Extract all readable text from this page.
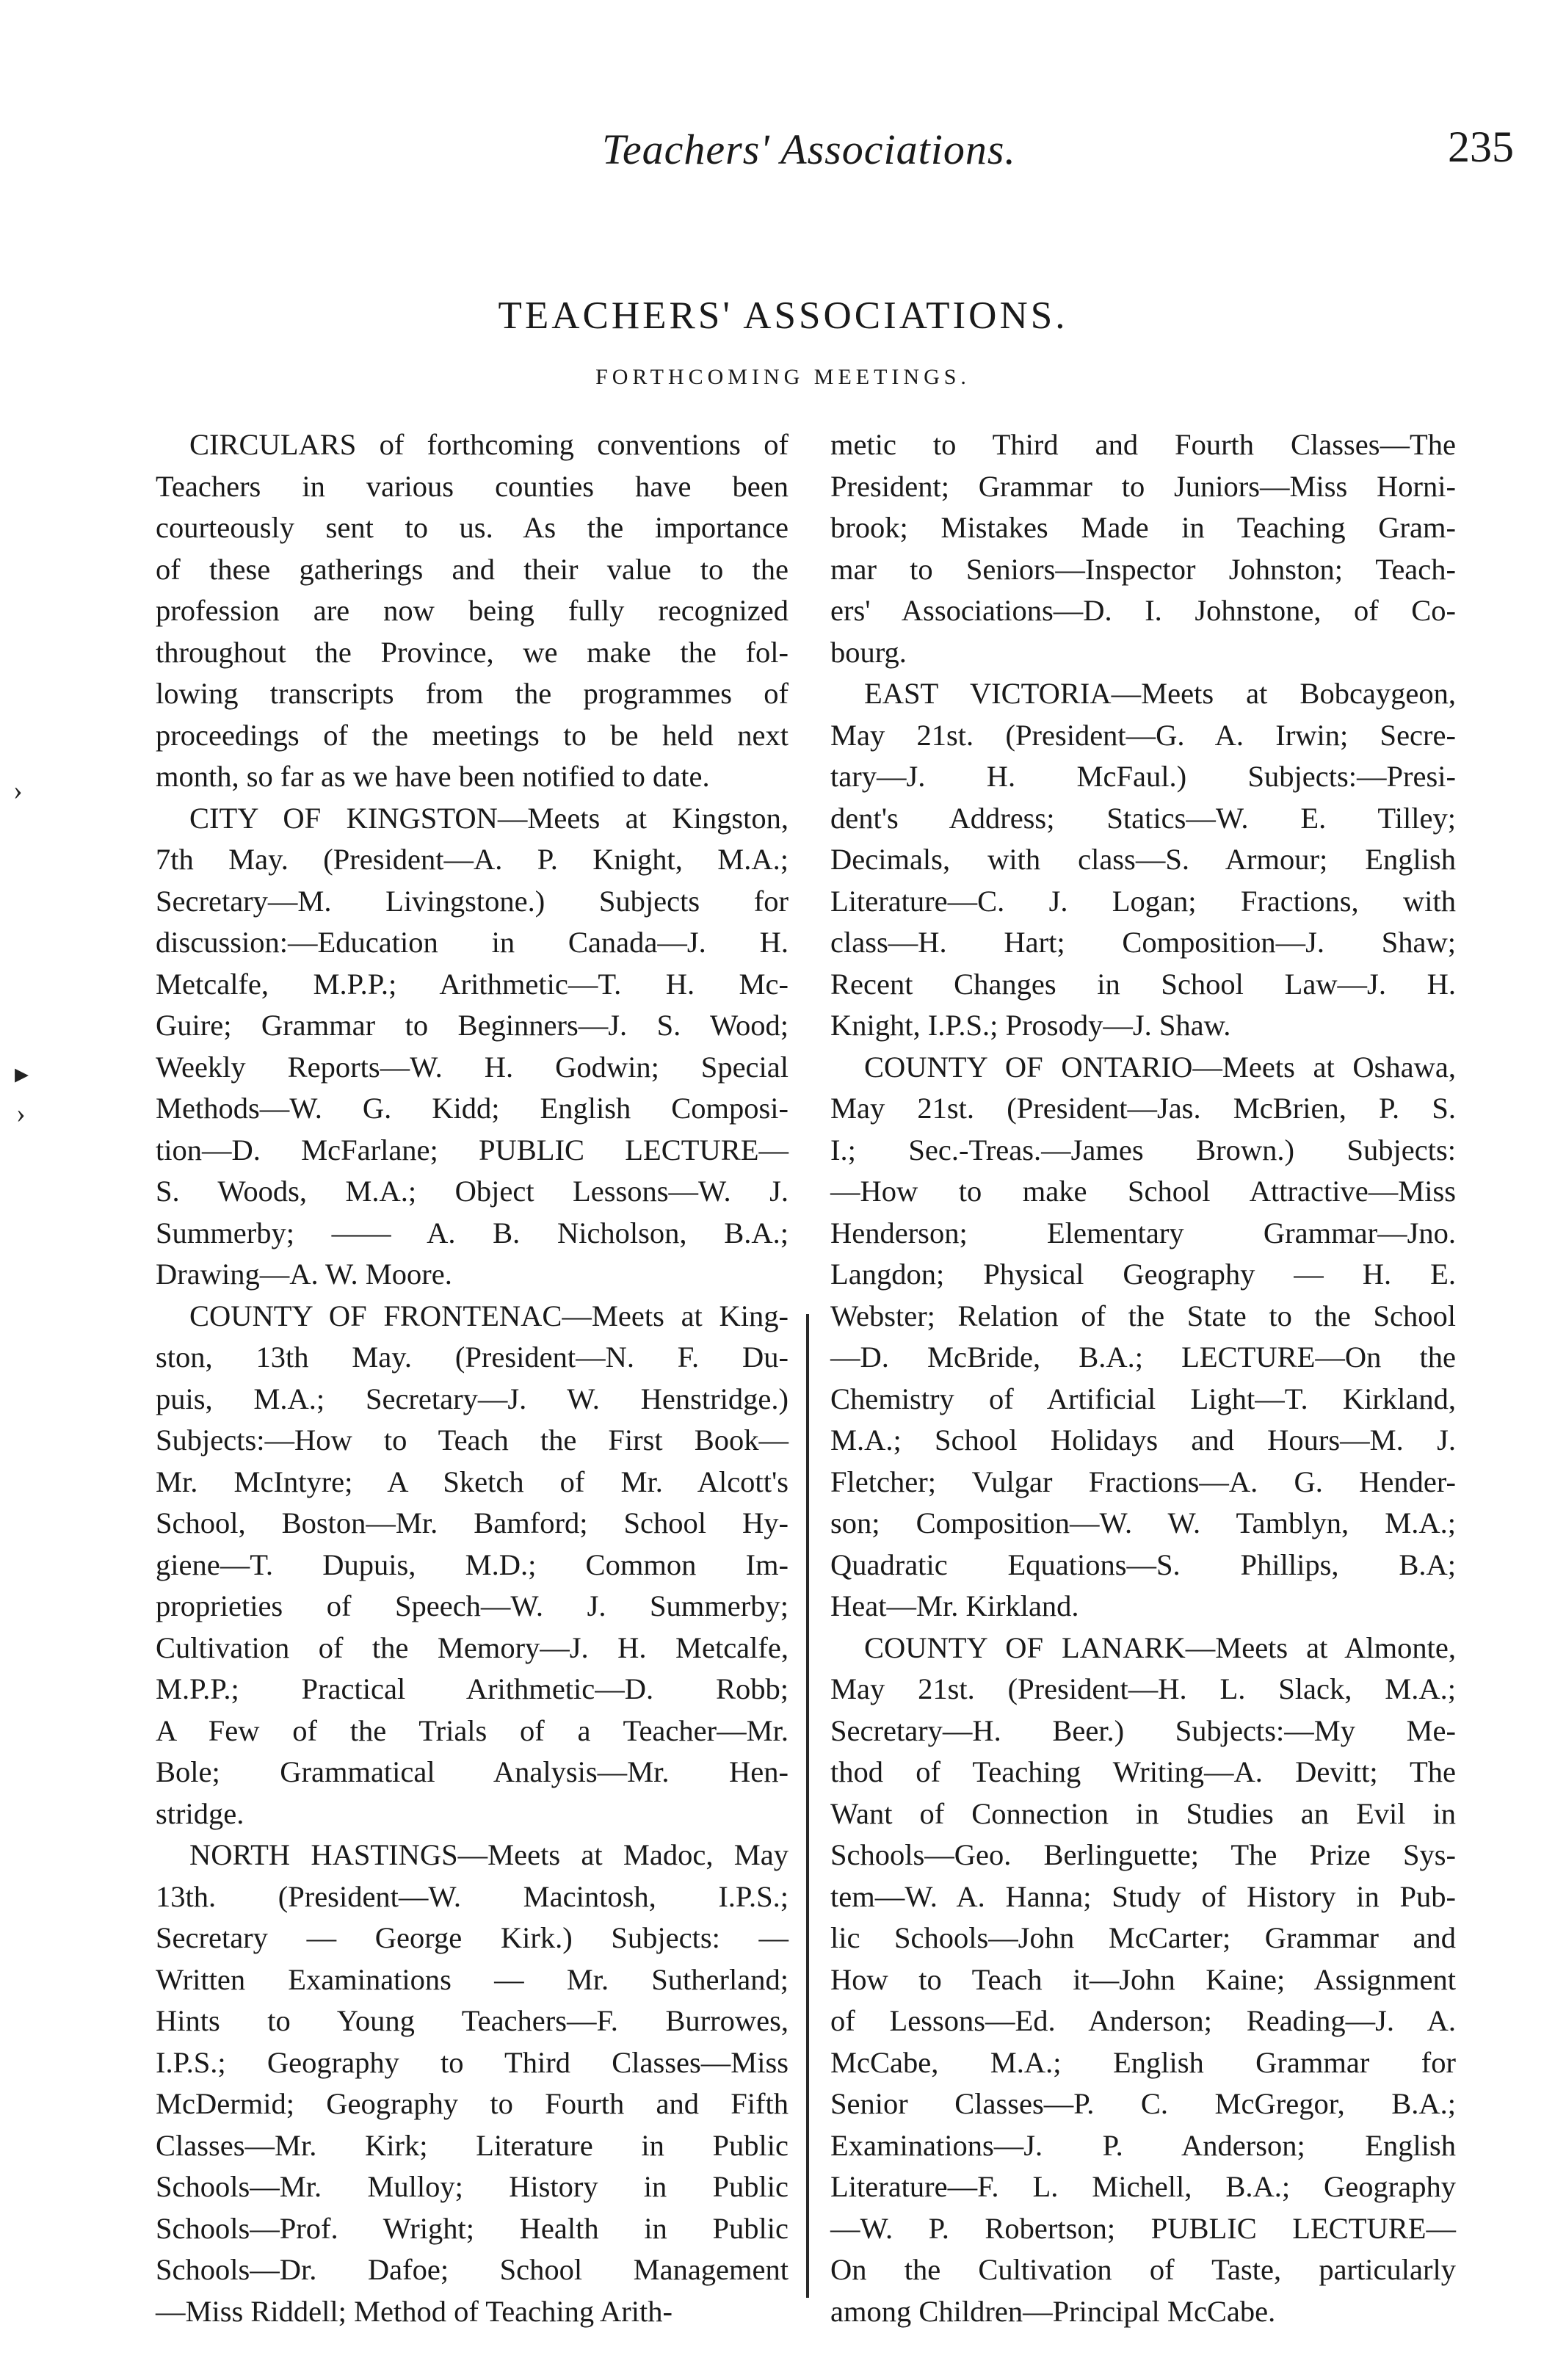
Teachers' Associations.	235
TEACHERS' ASSOCIATIONS.
FORTHCOMING MEETINGS.
›
▸
›
CIRCULARS of forthcoming conventions of
Teachers in various counties have been
courteously sent to us. As the importance
of these gatherings and their value to the
profession are now being fully recognized
throughout the Province, we make the fol-
lowing transcripts from the programmes of
proceedings of the meetings to be held next
month, so far as we have been notified to date.
CITY OF KINGSTON—Meets at Kingston,
7th May. (President—A. P. Knight, M.A.;
Secretary—M. Livingstone.) Subjects for
discussion:—Education in Canada—J. H.
Metcalfe, M.P.P.; Arithmetic—T. H. Mc-
Guire; Grammar to Beginners—J. S. Wood;
Weekly Reports—W. H. Godwin; Special
Methods—W. G. Kidd; English Composi-
tion—D. McFarlane; PUBLIC LECTURE—
S. Woods, M.A.; Object Lessons—W. J.
Summerby; —— A. B. Nicholson, B.A.;
Drawing—A. W. Moore.
COUNTY OF FRONTENAC—Meets at King-
ston, 13th May. (President—N. F. Du-
puis, M.A.; Secretary—J. W. Henstridge.)
Subjects:—How to Teach the First Book—
Mr. McIntyre; A Sketch of Mr. Alcott's
School, Boston—Mr. Bamford; School Hy-
giene—T. Dupuis, M.D.; Common Im-
proprieties of Speech—W. J. Summerby;
Cultivation of the Memory—J. H. Metcalfe,
M.P.P.; Practical Arithmetic—D. Robb;
A Few of the Trials of a Teacher—Mr.
Bole; Grammatical Analysis—Mr. Hen-
stridge.
NORTH HASTINGS—Meets at Madoc, May
13th. (President—W. Macintosh, I.P.S.;
Secretary — George Kirk.) Subjects: —
Written Examinations — Mr. Sutherland;
Hints to Young Teachers—F. Burrowes,
I.P.S.; Geography to Third Classes—Miss
McDermid; Geography to Fourth and Fifth
Classes—Mr. Kirk; Literature in Public
Schools—Mr. Mulloy; History in Public
Schools—Prof. Wright; Health in Public
Schools—Dr. Dafoe; School Management
—Miss Riddell; Method of Teaching Arith-
metic to Third and Fourth Classes—The
President; Grammar to Juniors—Miss Horni-
brook; Mistakes Made in Teaching Gram-
mar to Seniors—Inspector Johnston; Teach-
ers' Associations—D. I. Johnstone, of Co-
bourg.
EAST VICTORIA—Meets at Bobcaygeon,
May 21st. (President—G. A. Irwin; Secre-
tary—J. H. McFaul.) Subjects:—Presi-
dent's Address; Statics—W. E. Tilley;
Decimals, with class—S. Armour; English
Literature—C. J. Logan; Fractions, with
class—H. Hart; Composition—J. Shaw;
Recent Changes in School Law—J. H.
Knight, I.P.S.; Prosody—J. Shaw.
COUNTY OF ONTARIO—Meets at Oshawa,
May 21st. (President—Jas. McBrien, P. S.
I.; Sec.-Treas.—James Brown.) Subjects:
—How to make School Attractive—Miss
Henderson; Elementary Grammar—Jno.
Langdon; Physical Geography — H. E.
Webster; Relation of the State to the School
—D. McBride, B.A.; LECTURE—On the
Chemistry of Artificial Light—T. Kirkland,
M.A.; School Holidays and Hours—M. J.
Fletcher; Vulgar Fractions—A. G. Hender-
son; Composition—W. W. Tamblyn, M.A.;
Quadratic Equations—S. Phillips, B.A;
Heat—Mr. Kirkland.
COUNTY OF LANARK—Meets at Almonte,
May 21st. (President—H. L. Slack, M.A.;
Secretary—H. Beer.) Subjects:—My Me-
thod of Teaching Writing—A. Devitt; The
Want of Connection in Studies an Evil in
Schools—Geo. Berlinguette; The Prize Sys-
tem—W. A. Hanna; Study of History in Pub-
lic Schools—John McCarter; Grammar and
How to Teach it—John Kaine; Assignment
of Lessons—Ed. Anderson; Reading—J. A.
McCabe, M.A.; English Grammar for
Senior Classes—P. C. McGregor, B.A.;
Examinations—J. P. Anderson; English
Literature—F. L. Michell, B.A.; Geography
—W. P. Robertson; PUBLIC LECTURE—
On the Cultivation of Taste, particularly
among Children—Principal McCabe.
